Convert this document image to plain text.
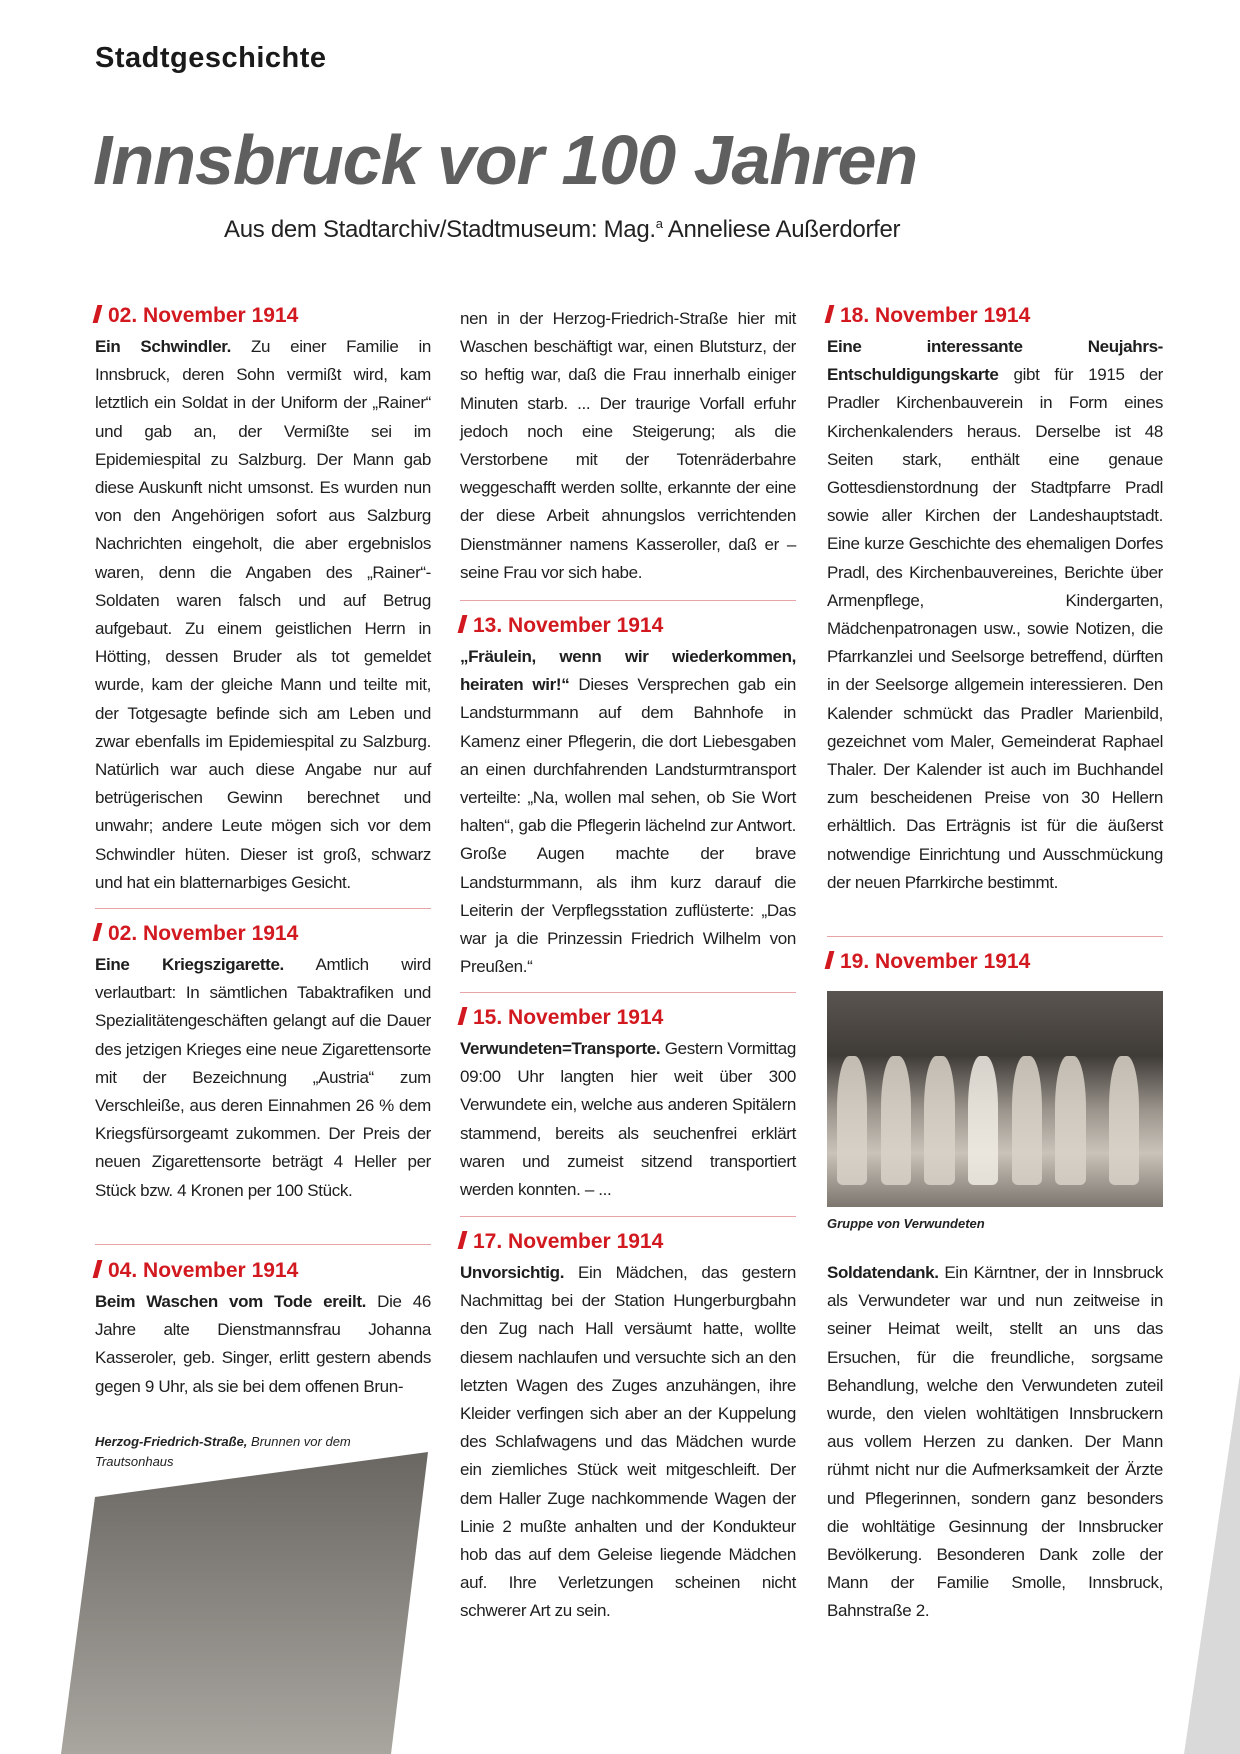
Stadtgeschichte
Innsbruck vor 100 Jahren
Aus dem Stadtarchiv/Stadtmuseum: Mag.$^a$ Anneliese Außerdorfer
02. November 1914
Ein Schwindler. Zu einer Familie in Innsbruck, deren Sohn vermißt wird, kam letztlich ein Soldat in der Uniform der „Rainer“ und gab an, der Vermißte sei im Epidemiespital zu Salzburg. Der Mann gab diese Auskunft nicht umsonst. Es wurden nun von den Angehörigen sofort aus Salzburg Nachrichten eingeholt, die aber ergebnislos waren, denn die Angaben des „Rainer“-Soldaten waren falsch und auf Betrug aufgebaut. Zu einem geistlichen Herrn in Hötting, dessen Bruder als tot gemeldet wurde, kam der gleiche Mann und teilte mit, der Totgesagte befinde sich am Leben und zwar ebenfalls im Epidemiespital zu Salzburg. Natürlich war auch diese Angabe nur auf betrügerischen Gewinn berechnet und unwahr; andere Leute mögen sich vor dem Schwindler hüten. Dieser ist groß, schwarz und hat ein blatternarbiges Gesicht.
02. November 1914
Eine Kriegszigarette. Amtlich wird verlautbart: In sämtlichen Tabaktrafiken und Spezialitätengeschäften gelangt auf die Dauer des jetzigen Krieges eine neue Zigarettensorte mit der Bezeichnung „Austria“ zum Verschleiße, aus deren Einnahmen 26 % dem Kriegsfürsorgeamt zukommen. Der Preis der neuen Zigarettensorte beträgt 4 Heller per Stück bzw. 4 Kronen per 100 Stück.
04. November 1914
Beim Waschen vom Tode ereilt. Die 46 Jahre alte Dienstmannsfrau Johanna Kasseroler, geb. Singer, erlitt gestern abends gegen 9 Uhr, als sie bei dem offenen Brun-
Herzog-Friedrich-Straße, Brunnen vor dem Trautsonhaus
nen in der Herzog-Friedrich-Straße hier mit Waschen beschäftigt war, einen Blutsturz, der so heftig war, daß die Frau innerhalb einiger Minuten starb. ... Der traurige Vorfall erfuhr jedoch noch eine Steigerung; als die Verstorbene mit der Totenräderbahre weggeschafft werden sollte, erkannte der eine der diese Arbeit ahnungslos verrichtenden Dienstmänner namens Kasseroller, daß er – seine Frau vor sich habe.
13. November 1914
„Fräulein, wenn wir wiederkommen, heiraten wir!“ Dieses Versprechen gab ein Landsturmmann auf dem Bahnhofe in Kamenz einer Pflegerin, die dort Liebesgaben an einen durchfahrenden Landsturmtransport verteilte: „Na, wollen mal sehen, ob Sie Wort halten“, gab die Pflegerin lächelnd zur Antwort. Große Augen machte der brave Landsturmmann, als ihm kurz darauf die Leiterin der Verpflegsstation zuflüsterte: „Das war ja die Prinzessin Friedrich Wilhelm von Preußen.“
15. November 1914
Verwundeten=Transporte. Gestern Vormittag 09:00 Uhr langten hier weit über 300 Verwundete ein, welche aus anderen Spitälern stammend, bereits als seuchenfrei erklärt waren und zumeist sitzend transportiert werden konnten. – ...
17. November 1914
Unvorsichtig. Ein Mädchen, das gestern Nachmittag bei der Station Hungerburgbahn den Zug nach Hall versäumt hatte, wollte diesem nachlaufen und versuchte sich an den letzten Wagen des Zuges anzuhängen, ihre Kleider verfingen sich aber an der Kuppelung des Schlafwagens und das Mädchen wurde ein ziemliches Stück weit mitgeschleift. Der dem Haller Zuge nachkommende Wagen der Linie 2 mußte anhalten und der Kondukteur hob das auf dem Geleise liegende Mädchen auf. Ihre Verletzungen scheinen nicht schwerer Art zu sein.
18. November 1914
Eine interessante Neujahrs-Entschuldigungskarte gibt für 1915 der Pradler Kirchenbauverein in Form eines Kirchenkalenders heraus. Derselbe ist 48 Seiten stark, enthält eine genaue Gottesdienstordnung der Stadtpfarre Pradl sowie aller Kirchen der Landeshauptstadt. Eine kurze Geschichte des ehemaligen Dorfes Pradl, des Kirchenbauvereines, Berichte über Armenpflege, Kindergarten, Mädchenpatronagen usw., sowie Notizen, die Pfarrkanzlei und Seelsorge betreffend, dürften in der Seelsorge allgemein interessieren. Den Kalender schmückt das Pradler Marienbild, gezeichnet vom Maler, Gemeinderat Raphael Thaler. Der Kalender ist auch im Buchhandel zum bescheidenen Preise von 30 Hellern erhältlich. Das Erträgnis ist für die äußerst notwendige Einrichtung und Ausschmückung der neuen Pfarrkirche bestimmt.
19. November 1914
Gruppe von Verwundeten
Soldatendank. Ein Kärntner, der in Innsbruck als Verwundeter war und nun zeitweise in seiner Heimat weilt, stellt an uns das Ersuchen, für die freundliche, sorgsame Behandlung, welche den Verwundeten zuteil wurde, den vielen wohltätigen Innsbruckern aus vollem Herzen zu danken. Der Mann rühmt nicht nur die Aufmerksamkeit der Ärzte und Pflegerinnen, sondern ganz besonders die wohltätige Gesinnung der Innsbrucker Bevölkerung. Besonderen Dank zolle der Mann der Familie Smolle, Innsbruck, Bahnstraße 2.
